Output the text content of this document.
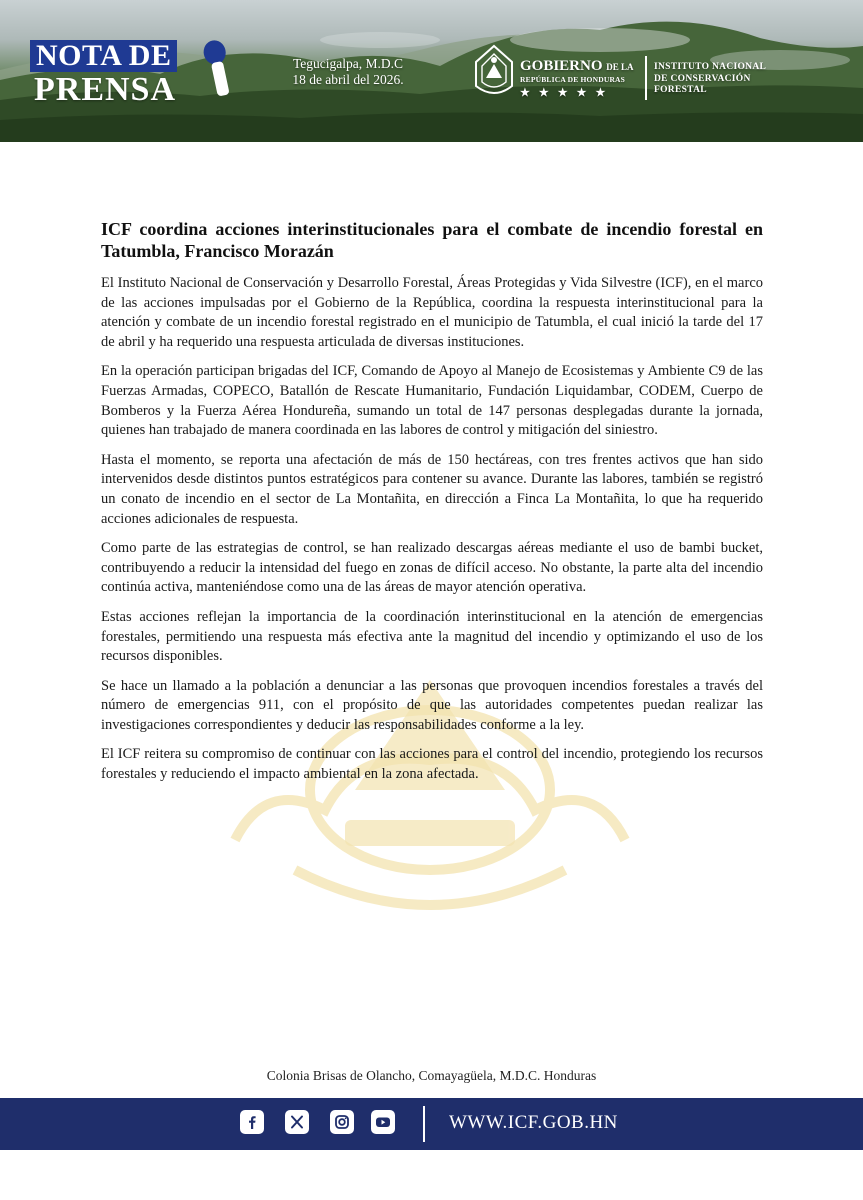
NOTA DE
PRENSA
Tegucigalpa, M.D.C
18 de abril del 2026.
GOBIERNO DE LA
REPÚBLICA DE HONDURAS
★★★★★
INSTITUTO NACIONAL
DE CONSERVACIÓN
FORESTAL
ICF coordina acciones interinstitucionales para el combate de incendio forestal en Tatumbla, Francisco Morazán

El Instituto Nacional de Conservación y Desarrollo Forestal, Áreas Protegidas y Vida Silvestre (ICF), en el marco de las acciones impulsadas por el Gobierno de la República, coordina la respuesta interinstitucional para la atención y combate de un incendio forestal registrado en el municipio de Tatumbla, el cual inició la tarde del 17 de abril y ha requerido una respuesta articulada de diversas instituciones.

En la operación participan brigadas del ICF, Comando de Apoyo al Manejo de Ecosistemas y Ambiente C9 de las Fuerzas Armadas, COPECO, Batallón de Rescate Humanitario, Fundación Liquidambar, CODEM, Cuerpo de Bomberos y la Fuerza Aérea Hondureña, sumando un total de 147 personas desplegadas durante la jornada, quienes han trabajado de manera coordinada en las labores de control y mitigación del siniestro.

Hasta el momento, se reporta una afectación de más de 150 hectáreas, con tres frentes activos que han sido intervenidos desde distintos puntos estratégicos para contener su avance. Durante las labores, también se registró un conato de incendio en el sector de La Montañita, en dirección a Finca La Montañita, lo que ha requerido acciones adicionales de respuesta.

Como parte de las estrategias de control, se han realizado descargas aéreas mediante el uso de bambi bucket, contribuyendo a reducir la intensidad del fuego en zonas de difícil acceso. No obstante, la parte alta del incendio continúa activa, manteniéndose como una de las áreas de mayor atención operativa.

Estas acciones reflejan la importancia de la coordinación interinstitucional en la atención de emergencias forestales, permitiendo una respuesta más efectiva ante la magnitud del incendio y optimizando el uso de los recursos disponibles.

Se hace un llamado a la población a denunciar a las personas que provoquen incendios forestales a través del número de emergencias 911, con el propósito de que las autoridades competentes puedan realizar las investigaciones correspondientes y deducir las responsabilidades conforme a la ley.

El ICF reitera su compromiso de continuar con las acciones para el control del incendio, protegiendo los recursos forestales y reduciendo el impacto ambiental en la zona afectada.

Colonia Brisas de Olancho, Comayagüela, M.D.C. Honduras
WWW.ICF.GOB.HN
